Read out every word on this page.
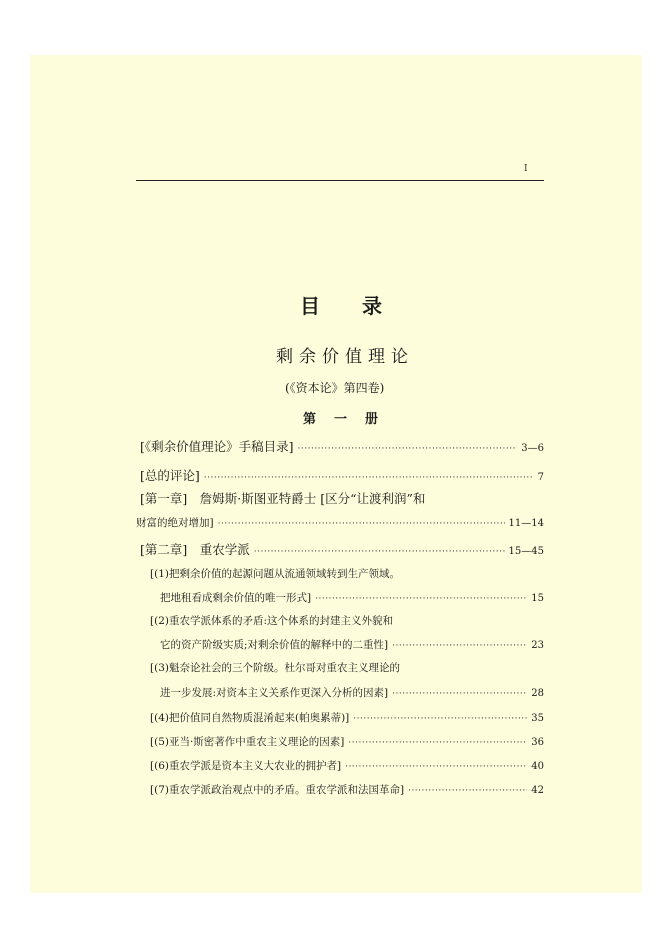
I
目 录
剩余价值理论
(《资本论》第四卷)
第 一 册
[《剩余价值理论》手稿目录] ·····	3—6
[总的评论] ·····	7
[第一章]　詹姆斯·斯图亚特爵士 [区分“让渡利润”和
财富的绝对增加] ·····	11—14
[第二章]　重农学派 ·····	15—45
[(1)把剩余价值的起源问题从流通领域转到生产领域。
把地租看成剩余价值的唯一形式] ·····	15
[(2)重农学派体系的矛盾:这个体系的封建主义外貌和
它的资产阶级实质;对剩余价值的解释中的二重性] ·····	23
[(3)魁奈论社会的三个阶级。杜尔哥对重农主义理论的
进一步发展:对资本主义关系作更深入分析的因素] ·····	28
[(4)把价值同自然物质混淆起来(帕奥累蒂)] ·····	35
[(5)亚当·斯密著作中重农主义理论的因素] ·····	36
[(6)重农学派是资本主义大农业的拥护者] ·····	40
[(7)重农学派政治观点中的矛盾。重农学派和法国革命] ·····	42
